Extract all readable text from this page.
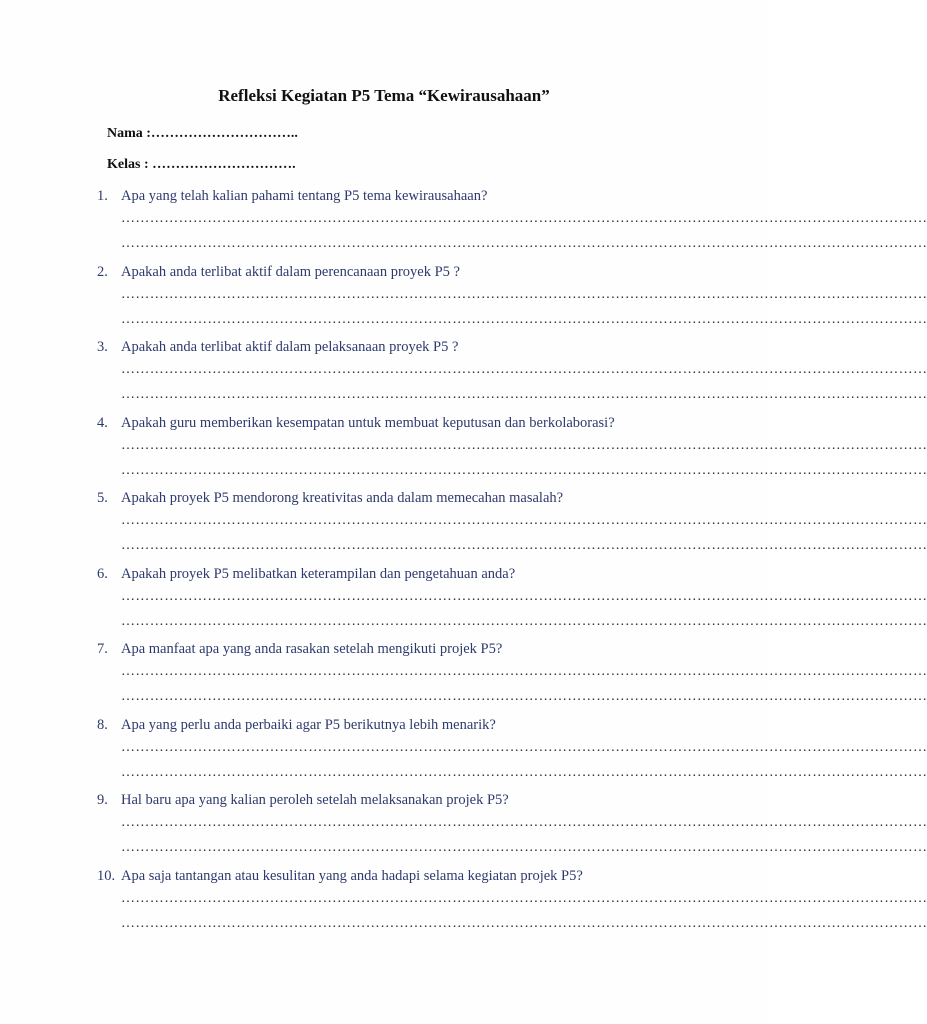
Refleksi Kegiatan P5 Tema “Kewirausahaan”
Nama :…………………………..
Kelas : ………………………….
1. Apa yang telah kalian pahami tentang P5 tema kewirausahaan?
……………………………………………………………………………………………………………………………………………………
……………………………………………………………………………………………………………………………………………………
2. Apakah anda terlibat aktif dalam perencanaan proyek P5 ?
……………………………………………………………………………………………………………………………………………………
……………………………………………………………………………………………………………………………………………………
3. Apakah anda terlibat aktif dalam pelaksanaan proyek P5 ?
……………………………………………………………………………………………………………………………………………………
……………………………………………………………………………………………………………………………………………………
4. Apakah guru memberikan kesempatan untuk membuat keputusan dan berkolaborasi?
……………………………………………………………………………………………………………………………………………………
……………………………………………………………………………………………………………………………………………………
5. Apakah proyek P5 mendorong kreativitas anda dalam memecahan masalah?
……………………………………………………………………………………………………………………………………………………
……………………………………………………………………………………………………………………………………………………
6. Apakah proyek P5 melibatkan keterampilan dan pengetahuan anda?
……………………………………………………………………………………………………………………………………………………
……………………………………………………………………………………………………………………………………………………
7. Apa manfaat apa yang anda rasakan setelah mengikuti projek P5?
……………………………………………………………………………………………………………………………………………………
……………………………………………………………………………………………………………………………………………………
8. Apa yang perlu anda perbaiki agar P5 berikutnya lebih menarik?
……………………………………………………………………………………………………………………………………………………
……………………………………………………………………………………………………………………………………………………
9. Hal baru apa yang kalian peroleh setelah melaksanakan projek P5?
……………………………………………………………………………………………………………………………………………………
……………………………………………………………………………………………………………………………………………………
10. Apa saja tantangan atau kesulitan yang anda hadapi selama kegiatan projek P5?
……………………………………………………………………………………………………………………………………………………
……………………………………………………………………………………………………………………………………………………
